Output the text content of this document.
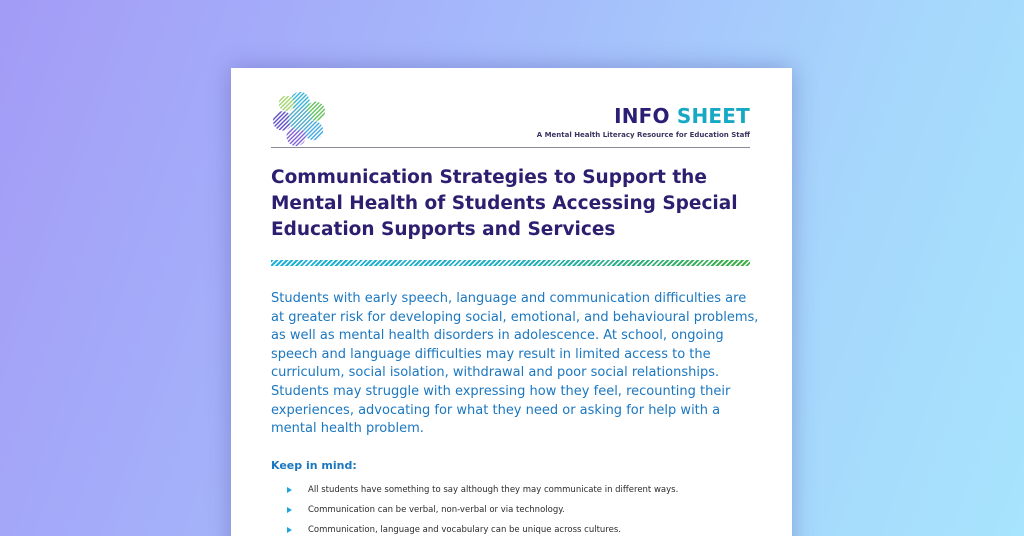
INFO SHEET
A Mental Health Literacy Resource for Education Staff
Communication Strategies to Support the Mental Health of Students Accessing Special Education Supports and Services

Students with early speech, language and communication difficulties are at greater risk for developing social, emotional, and behavioural problems, as well as mental health disorders in adolescence. At school, ongoing speech and language difficulties may result in limited access to the curriculum, social isolation, withdrawal and poor social relationships. Students may struggle with expressing how they feel, recounting their experiences, advocating for what they need or asking for help with a mental health problem.

Keep in mind:
All students have something to say although they may communicate in different ways.
Communication can be verbal, non-verbal or via technology.
Communication, language and vocabulary can be unique across cultures.
